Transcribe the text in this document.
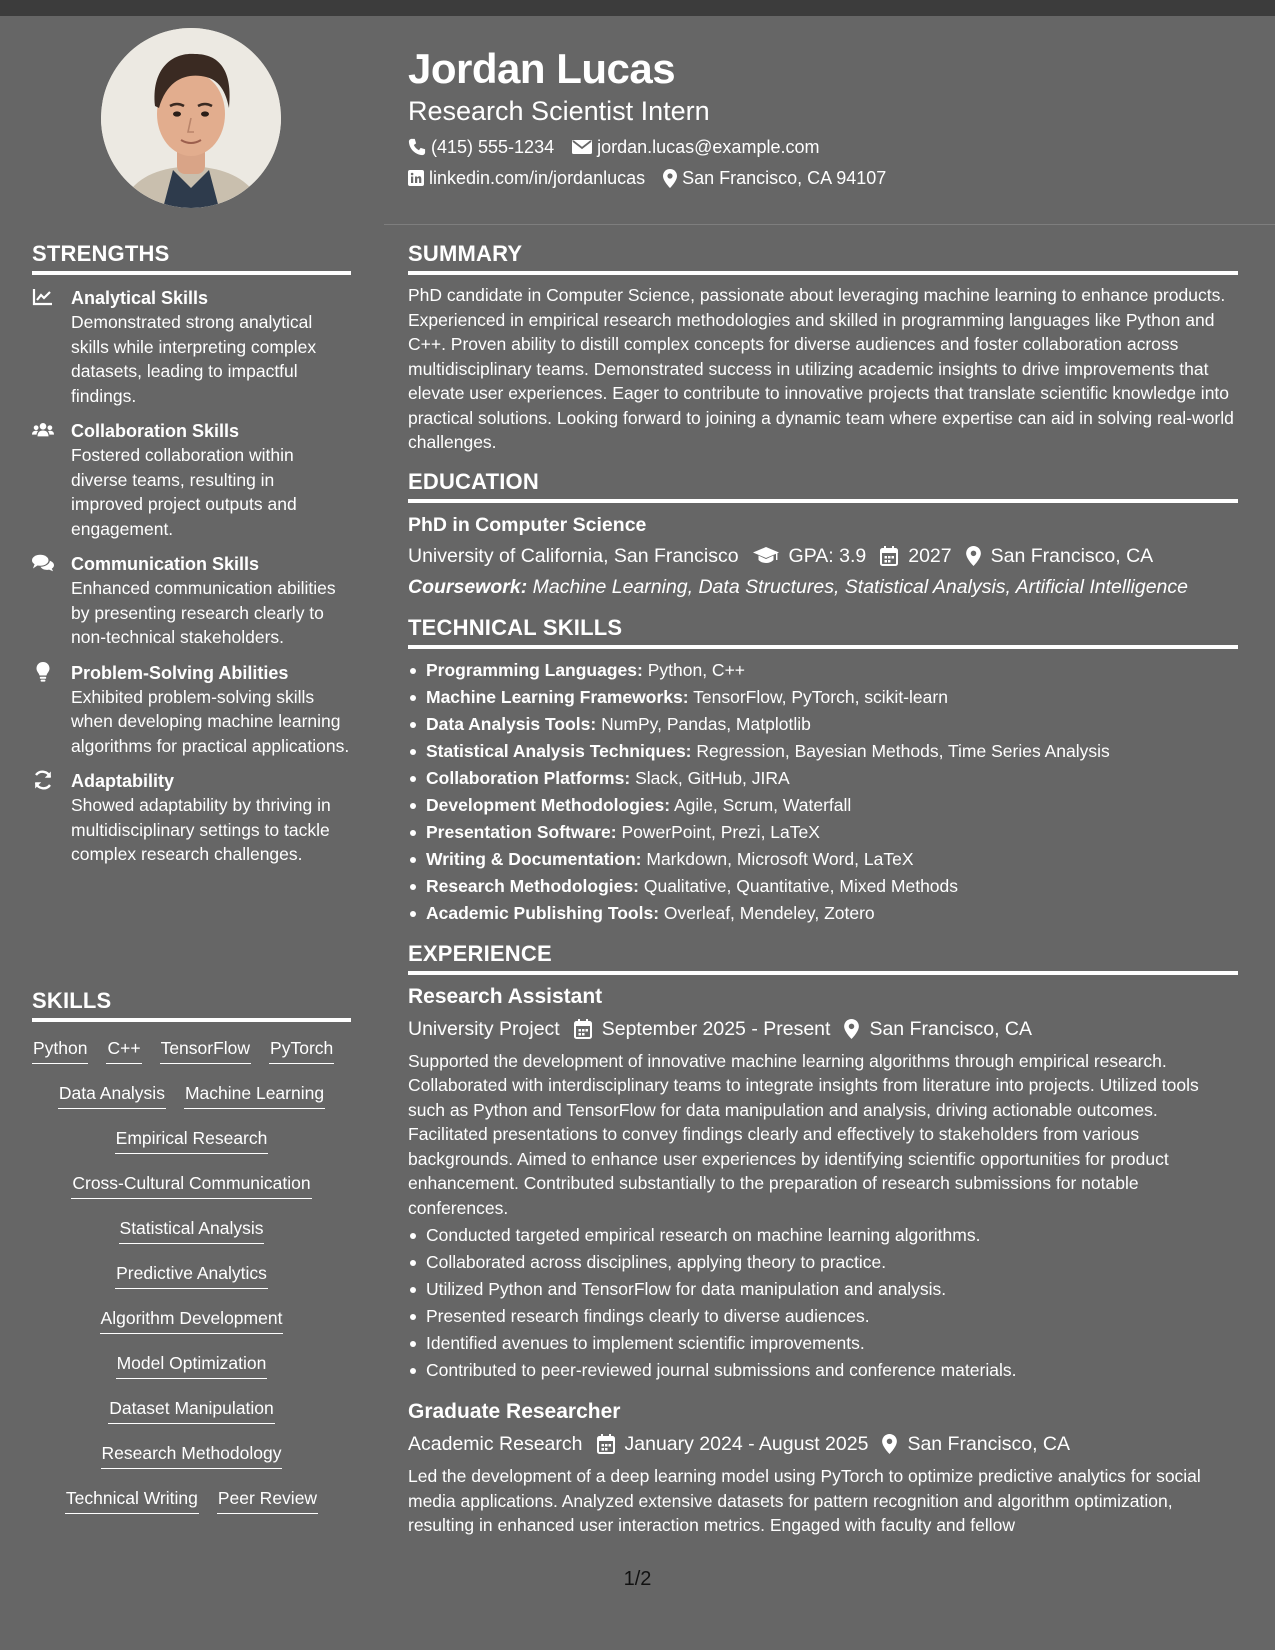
Jordan Lucas
Research Scientist Intern
(415) 555-1234 jordan.lucas@example.com
linkedin.com/in/jordanlucas San Francisco, CA 94107
STRENGTHS
Analytical Skills
Demonstrated strong analytical skills while interpreting complex datasets, leading to impactful findings.
Collaboration Skills
Fostered collaboration within diverse teams, resulting in improved project outputs and engagement.
Communication Skills
Enhanced communication abilities by presenting research clearly to non-technical stakeholders.
Problem-Solving Abilities
Exhibited problem-solving skills when developing machine learning algorithms for practical applications.
Adaptability
Showed adaptability by thriving in multidisciplinary settings to tackle complex research challenges.
SKILLS
Python C++ TensorFlow PyTorch
Data Analysis Machine Learning
Empirical Research
Cross-Cultural Communication
Statistical Analysis
Predictive Analytics
Algorithm Development
Model Optimization
Dataset Manipulation
Research Methodology
Technical Writing Peer Review
SUMMARY
PhD candidate in Computer Science, passionate about leveraging machine learning to enhance products. Experienced in empirical research methodologies and skilled in programming languages like Python and C++. Proven ability to distill complex concepts for diverse audiences and foster collaboration across multidisciplinary teams. Demonstrated success in utilizing academic insights to drive improvements that elevate user experiences. Eager to contribute to innovative projects that translate scientific knowledge into practical solutions. Looking forward to joining a dynamic team where expertise can aid in solving real-world challenges.
EDUCATION
PhD in Computer Science
University of California, San Francisco	GPA: 3.9 2027 San Francisco, CA
Coursework: Machine Learning, Data Structures, Statistical Analysis, Artificial Intelligence
TECHNICAL SKILLS
Programming Languages: Python, C++
Machine Learning Frameworks: TensorFlow, PyTorch, scikit-learn
Data Analysis Tools: NumPy, Pandas, Matplotlib
Statistical Analysis Techniques: Regression, Bayesian Methods, Time Series Analysis
Collaboration Platforms: Slack, GitHub, JIRA
Development Methodologies: Agile, Scrum, Waterfall
Presentation Software: PowerPoint, Prezi, LaTeX
Writing & Documentation: Markdown, Microsoft Word, LaTeX
Research Methodologies: Qualitative, Quantitative, Mixed Methods
Academic Publishing Tools: Overleaf, Mendeley, Zotero
EXPERIENCE
Research Assistant
University Project September 2025 - Present San Francisco, CA
Supported the development of innovative machine learning algorithms through empirical research. Collaborated with interdisciplinary teams to integrate insights from literature into projects. Utilized tools such as Python and TensorFlow for data manipulation and analysis, driving actionable outcomes. Facilitated presentations to convey findings clearly and effectively to stakeholders from various backgrounds. Aimed to enhance user experiences by identifying scientific opportunities for product enhancement. Contributed substantially to the preparation of research submissions for notable conferences.
Conducted targeted empirical research on machine learning algorithms.
Collaborated across disciplines, applying theory to practice.
Utilized Python and TensorFlow for data manipulation and analysis.
Presented research findings clearly to diverse audiences.
Identified avenues to implement scientific improvements.
Contributed to peer-reviewed journal submissions and conference materials.
Graduate Researcher
Academic Research January 2024 - August 2025 San Francisco, CA
Led the development of a deep learning model using PyTorch to optimize predictive analytics for social media applications. Analyzed extensive datasets for pattern recognition and algorithm optimization, resulting in enhanced user interaction metrics. Engaged with faculty and fellow
1/2
